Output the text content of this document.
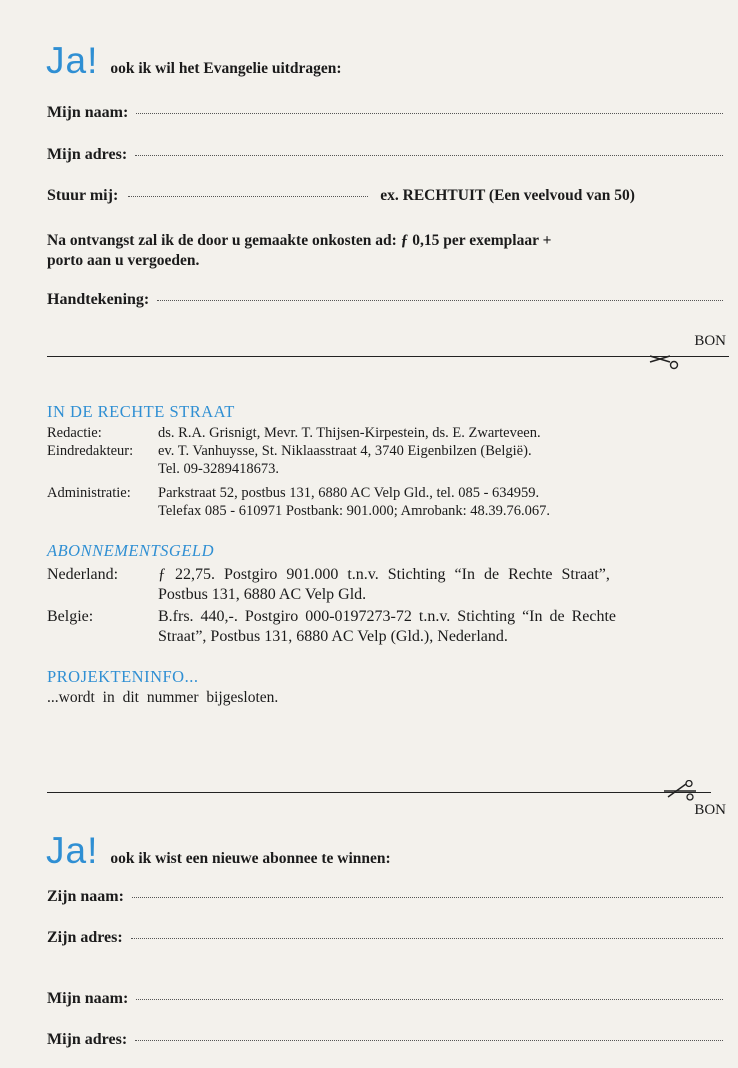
Ja! ook ik wil het Evangelie uitdragen:
Mijn naam:
Mijn adres:
Stuur mij:	ex. RECHTUIT (Een veelvoud van 50)
Na ontvangst zal ik de door u gemaakte onkosten ad: ƒ 0,15 per exemplaar +
porto aan u vergoeden.
Handtekening:
BON
IN DE RECHTE STRAAT
Redactie:	ds. R.A. Grisnigt, Mevr. T. Thijsen-Kirpestein, ds. E. Zwarteveen.
Eindredakteur: ev. T. Vanhuysse, St. Niklaasstraat 4, 3740 Eigenbilzen (België).
Tel. 09-3289418673.
Administratie: Parkstraat 52, postbus 131, 6880 AC Velp Gld., tel. 085 - 634959.
Telefax 085 - 610971 Postbank: 901.000; Amrobank: 48.39.76.067.
ABONNEMENTSGELD
Nederland: ƒ 22,75. Postgiro 901.000 t.n.v. Stichting “In de Rechte Straat”,
Postbus 131, 6880 AC Velp Gld.
Belgie:	B.frs. 440,-. Postgiro 000-0197273-72 t.n.v. Stichting “In de Rechte
Straat”, Postbus 131, 6880 AC Velp (Gld.), Nederland.
PROJEKTENINFO...
...wordt in dit nummer bijgesloten.
BON
Ja! ook ik wist een nieuwe abonnee te winnen:
Zijn naam:
Zijn adres:
Mijn naam:
Mijn adres:
